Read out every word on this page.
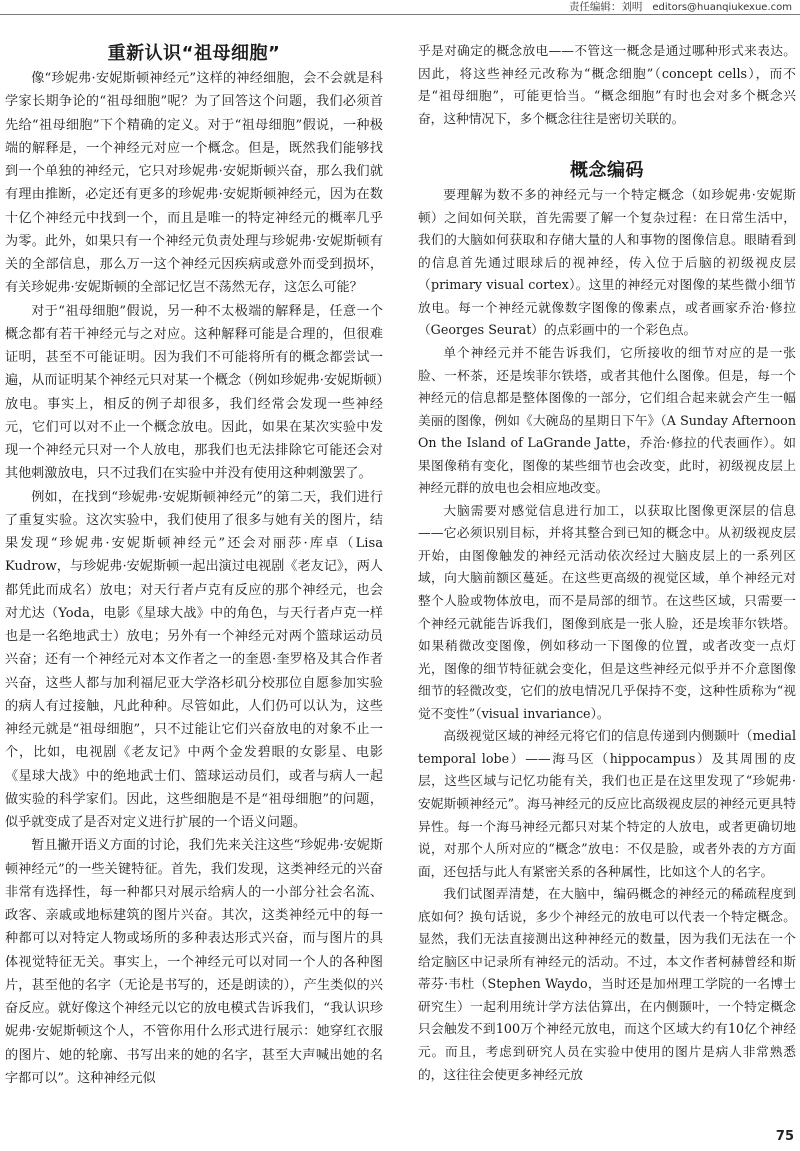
责任编辑：刘明 editors@huanqiukexue.com
重新认识“祖母细胞”

像“珍妮弗·安妮斯顿神经元”这样的神经细胞，会不会就是科学家长期争论的“祖母细胞”呢？为了回答这个问题，我们必须首先给“祖母细胞”下个精确的定义。对于“祖母细胞”假说，一种极端的解释是，一个神经元对应一个概念。但是，既然我们能够找到一个单独的神经元，它只对珍妮弗·安妮斯顿兴奋，那么我们就有理由推断，必定还有更多的珍妮弗·安妮斯顿神经元，因为在数十亿个神经元中找到一个，而且是唯一的特定神经元的概率几乎为零。此外，如果只有一个神经元负责处理与珍妮弗·安妮斯顿有关的全部信息，那么万一这个神经元因疾病或意外而受到损坏，有关珍妮弗·安妮斯顿的全部记忆岂不荡然无存，这怎么可能？

对于“祖母细胞”假说，另一种不太极端的解释是，任意一个概念都有若干神经元与之对应。这种解释可能是合理的，但很难证明，甚至不可能证明。因为我们不可能将所有的概念都尝试一遍，从而证明某个神经元只对某一个概念（例如珍妮弗·安妮斯顿）放电。事实上，相反的例子却很多，我们经常会发现一些神经元，它们可以对不止一个概念放电。因此，如果在某次实验中发现一个神经元只对一个人放电，那我们也无法排除它可能还会对其他刺激放电，只不过我们在实验中并没有使用这种刺激罢了。

例如，在找到“珍妮弗·安妮斯顿神经元”的第二天，我们进行了重复实验。这次实验中，我们使用了很多与她有关的图片，结果发现“珍妮弗·安妮斯顿神经元”还会对丽莎·库卓（Lisa Kudrow，与珍妮弗·安妮斯顿一起出演过电视剧《老友记》，两人都凭此而成名）放电；对天行者卢克有反应的那个神经元，也会对尤达（Yoda，电影《星球大战》中的角色，与天行者卢克一样也是一名绝地武士）放电；另外有一个神经元对两个篮球运动员兴奋；还有一个神经元对本文作者之一的奎恩·奎罗格及其合作者兴奋，这些人都与加利福尼亚大学洛杉矶分校那位自愿参加实验的病人有过接触，凡此种种。尽管如此，人们仍可以认为，这些神经元就是“祖母细胞”，只不过能让它们兴奋放电的对象不止一个，比如，电视剧《老友记》中两个金发碧眼的女影星、电影《星球大战》中的绝地武士们、篮球运动员们，或者与病人一起做实验的科学家们。因此，这些细胞是不是“祖母细胞”的问题，似乎就变成了是否对定义进行扩展的一个语义问题。

暂且撇开语义方面的讨论，我们先来关注这些“珍妮弗·安妮斯顿神经元”的一些关键特征。首先，我们发现，这类神经元的兴奋非常有选择性，每一种都只对展示给病人的一小部分社会名流、政客、亲戚或地标建筑的图片兴奋。其次，这类神经元中的每一种都可以对特定人物或场所的多种表达形式兴奋，而与图片的具体视觉特征无关。事实上，一个神经元可以对同一个人的各种图片，甚至他的名字（无论是书写的，还是朗读的），产生类似的兴奋反应。就好像这个神经元以它的放电模式告诉我们，“我认识珍妮弗·安妮斯顿这个人，不管你用什么形式进行展示：她穿红衣服的图片、她的轮廓、书写出来的她的名字，甚至大声喊出她的名字都可以”。这种神经元似

乎是对确定的概念放电——不管这一概念是通过哪种形式来表达。因此，将这些神经元改称为“概念细胞”（concept cells），而不是“祖母细胞”，可能更恰当。“概念细胞”有时也会对多个概念兴奋，这种情况下，多个概念往往是密切关联的。

概念编码

要理解为数不多的神经元与一个特定概念（如珍妮弗·安妮斯顿）之间如何关联，首先需要了解一个复杂过程：在日常生活中，我们的大脑如何获取和存储大量的人和事物的图像信息。眼睛看到的信息首先通过眼球后的视神经，传入位于后脑的初级视皮层（primary visual cortex）。这里的神经元对图像的某些微小细节放电。每一个神经元就像数字图像的像素点，或者画家乔治·修拉（Georges Seurat）的点彩画中的一个彩色点。

单个神经元并不能告诉我们，它所接收的细节对应的是一张脸、一杯茶，还是埃菲尔铁塔，或者其他什么图像。但是，每一个神经元的信息都是整体图像的一部分，它们组合起来就会产生一幅美丽的图像，例如《大碗岛的星期日下午》（A Sunday Afternoon On the Island of LaGrande Jatte，乔治·修拉的代表画作）。如果图像稍有变化，图像的某些细节也会改变，此时，初级视皮层上神经元群的放电也会相应地改变。

大脑需要对感觉信息进行加工，以获取比图像更深层的信息——它必须识别目标，并将其整合到已知的概念中。从初级视皮层开始，由图像触发的神经元活动依次经过大脑皮层上的一系列区域，向大脑前额区蔓延。在这些更高级的视觉区域，单个神经元对整个人脸或物体放电，而不是局部的细节。在这些区域，只需要一个神经元就能告诉我们，图像到底是一张人脸，还是埃菲尔铁塔。如果稍微改变图像，例如移动一下图像的位置，或者改变一点灯光，图像的细节特征就会变化，但是这些神经元似乎并不介意图像细节的轻微改变，它们的放电情况几乎保持不变，这种性质称为“视觉不变性”（visual invariance）。

高级视觉区域的神经元将它们的信息传递到内侧颞叶（medial temporal lobe）——海马区（hippocampus）及其周围的皮层，这些区域与记忆功能有关，我们也正是在这里发现了“珍妮弗·安妮斯顿神经元”。海马神经元的反应比高级视皮层的神经元更具特异性。每一个海马神经元都只对某个特定的人放电，或者更确切地说，对那个人所对应的“概念”放电：不仅是脸，或者外表的方方面面，还包括与此人有紧密关系的各种属性，比如这个人的名字。

我们试图弄清楚，在大脑中，编码概念的神经元的稀疏程度到底如何？换句话说，多少个神经元的放电可以代表一个特定概念。显然，我们无法直接测出这种神经元的数量，因为我们无法在一个给定脑区中记录所有神经元的活动。不过，本文作者柯赫曾经和斯蒂芬·韦杜（Stephen Waydo，当时还是加州理工学院的一名博士研究生）一起利用统计学方法估算出，在内侧颞叶，一个特定概念只会触发不到100万个神经元放电，而这个区域大约有10亿个神经元。而且，考虑到研究人员在实验中使用的图片是病人非常熟悉的，这往往会使更多神经元放

75
